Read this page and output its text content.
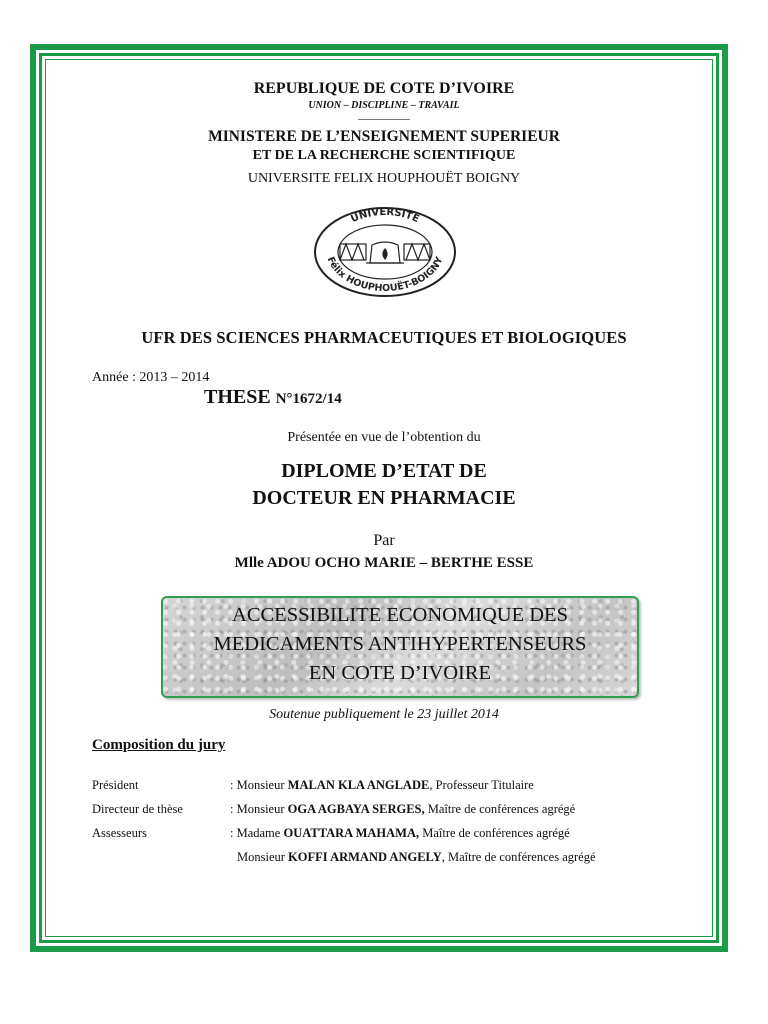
REPUBLIQUE DE COTE D’IVOIRE
UNION – DISCIPLINE – TRAVAIL
MINISTERE DE L’ENSEIGNEMENT SUPERIEUR
ET DE LA RECHERCHE SCIENTIFIQUE
UNIVERSITE FELIX HOUPHOUËT BOIGNY
UNIVERSITÉ
Félix HOUPHOUËT-BOIGNY
UFR DES SCIENCES PHARMACEUTIQUES ET BIOLOGIQUES
Année : 2013 – 2014
THESE N°1672/14
Présentée en vue de l’obtention du
DIPLOME D’ETAT DE
DOCTEUR EN PHARMACIE
Par
Mlle ADOU OCHO MARIE – BERTHE ESSE
ACCESSIBILITE ECONOMIQUE DES
MEDICAMENTS ANTIHYPERTENSEURS
EN COTE D’IVOIRE
Soutenue publiquement le 23 juillet 2014
Composition du jury
Président	: Monsieur MALAN KLA ANGLADE, Professeur Titulaire
Directeur de thèse	: Monsieur OGA AGBAYA SERGES, Maître de conférences agrégé
Assesseurs	: Madame OUATTARA MAHAMA, Maître de conférences agrégé
Monsieur KOFFI ARMAND ANGELY, Maître de conférences agrégé
